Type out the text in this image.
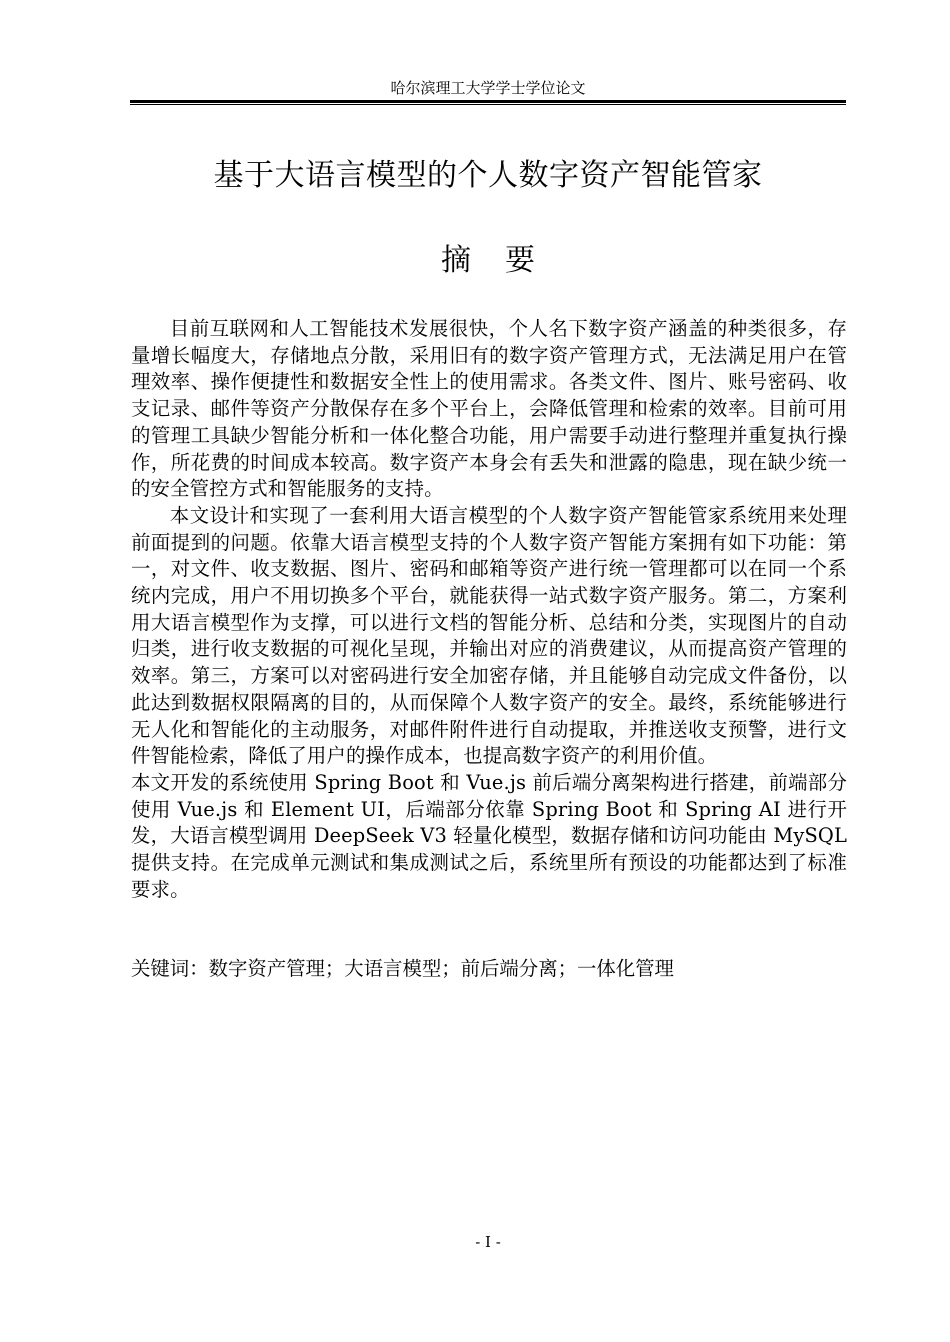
哈尔滨理工大学学士学位论文
基于大语言模型的个人数字资产智能管家
摘要

目前互联网和人工智能技术发展很快，个人名下数字资产涵盖的种类很多，存量增长幅度大，存储地点分散，采用旧有的数字资产管理方式，无法满足用户在管理效率、操作便捷性和数据安全性上的使用需求。各类文件、图片、账号密码、收支记录、邮件等资产分散保存在多个平台上，会降低管理和检索的效率。目前可用的管理工具缺少智能分析和一体化整合功能，用户需要手动进行整理并重复执行操作，所花费的时间成本较高。数字资产本身会有丢失和泄露的隐患，现在缺少统一的安全管控方式和智能服务的支持。

本文设计和实现了一套利用大语言模型的个人数字资产智能管家系统用来处理前面提到的问题。依靠大语言模型支持的个人数字资产智能方案拥有如下功能：第一，对文件、收支数据、图片、密码和邮箱等资产进行统一管理都可以在同一个系统内完成，用户不用切换多个平台，就能获得一站式数字资产服务。第二，方案利用大语言模型作为支撑，可以进行文档的智能分析、总结和分类，实现图片的自动归类，进行收支数据的可视化呈现，并输出对应的消费建议，从而提高资产管理的效率。第三，方案可以对密码进行安全加密存储，并且能够自动完成文件备份，以此达到数据权限隔离的目的，从而保障个人数字资产的安全。最终，系统能够进行无人化和智能化的主动服务，对邮件附件进行自动提取，并推送收支预警，进行文件智能检索，降低了用户的操作成本，也提高数字资产的利用价值。

本文开发的系统使用 Spring Boot 和 Vue.js 前后端分离架构进行搭建，前端部分使用 Vue.js 和 Element UI，后端部分依靠 Spring Boot 和 Spring AI 进行开发，大语言模型调用 DeepSeek V3 轻量化模型，数据存储和访问功能由 MySQL 提供支持。在完成单元测试和集成测试之后，系统里所有预设的功能都达到了标准要求。

关键词：数字资产管理；大语言模型；前后端分离；一体化管理
- I -
